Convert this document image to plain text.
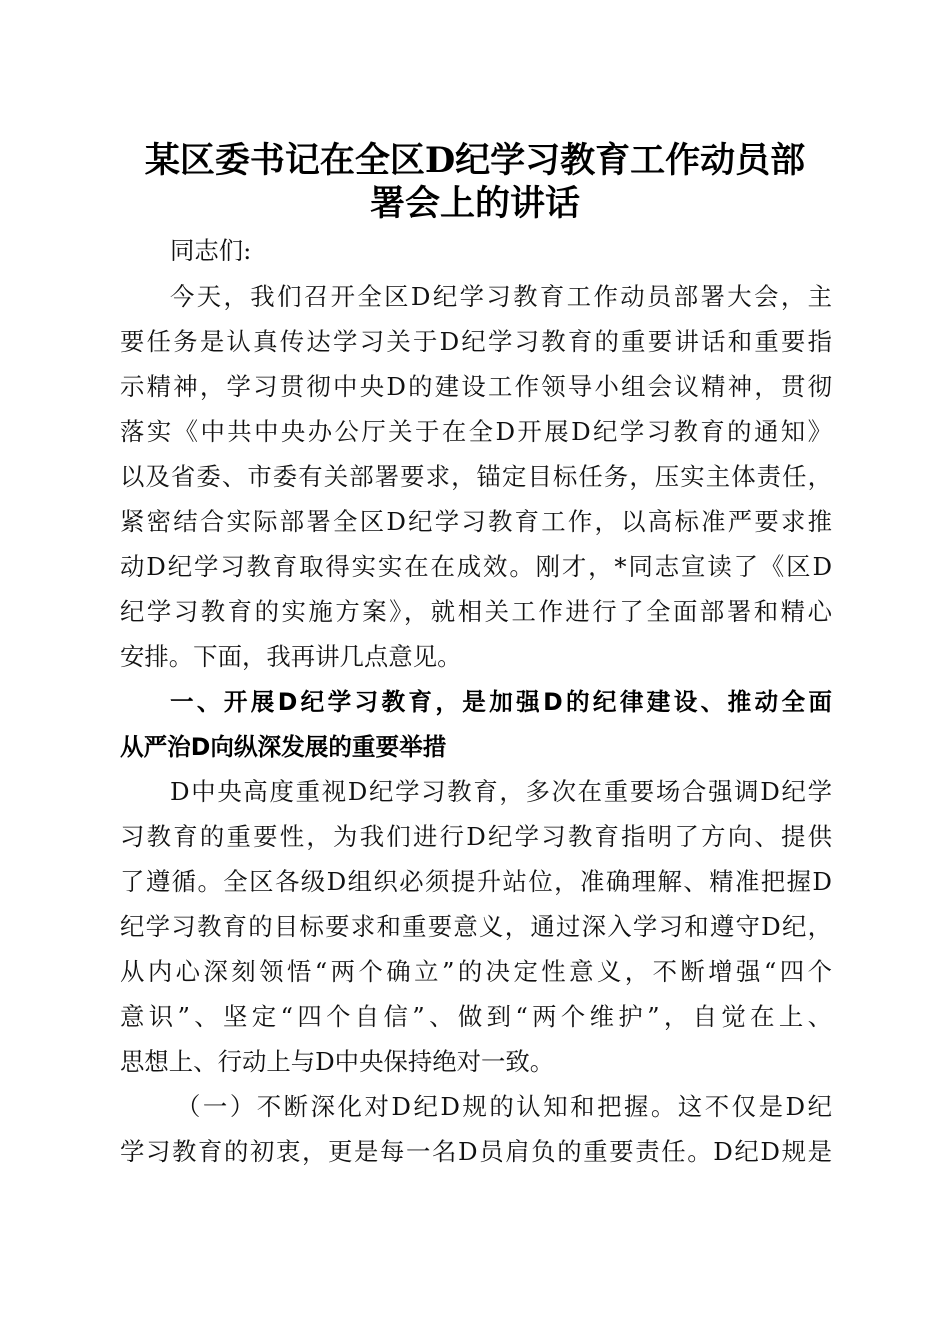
某区委书记在全区D纪学习教育工作动员部
署会上的讲话
同志们:
今天，我们召开全区D纪学习教育工作动员部署大会，主
要任务是认真传达学习关于D纪学习教育的重要讲话和重要指
示精神，学习贯彻中央D的建设工作领导小组会议精神，贯彻
落实《中共中央办公厅关于在全D开展D纪学习教育的通知》
以及省委、市委有关部署要求，锚定目标任务，压实主体责任，
紧密结合实际部署全区D纪学习教育工作，以高标准严要求推
动D纪学习教育取得实实在在成效。刚才，*同志宣读了《区D
纪学习教育的实施方案》，就相关工作进行了全面部署和精心
安排。下面，我再讲几点意见。
一、开展D纪学习教育，是加强D的纪律建设、推动全面
从严治D向纵深发展的重要举措
D中央高度重视D纪学习教育，多次在重要场合强调D纪学
习教育的重要性，为我们进行D纪学习教育指明了方向、提供
了遵循。全区各级D组织必须提升站位，准确理解、精准把握D
纪学习教育的目标要求和重要意义，通过深入学习和遵守D纪，
从内心深刻领悟“两个确立”的决定性意义，不断增强“四个
意识”、坚定“四个自信”、做到“两个维护”，自觉在上、
思想上、行动上与D中央保持绝对一致。
（一）不断深化对D纪D规的认知和把握。这不仅是D纪
学习教育的初衷，更是每一名D员肩负的重要责任。D纪D规是
